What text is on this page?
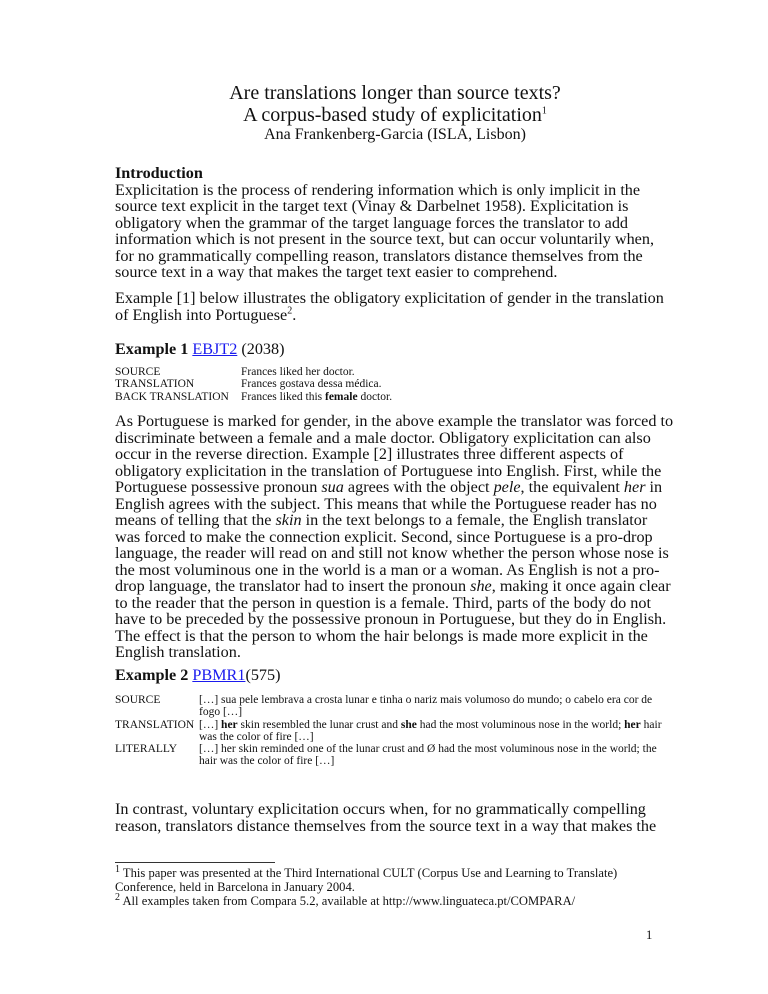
Are translations longer than source texts?

A corpus-based study of explicitation$^1$

Ana Frankenberg-Garcia (ISLA, Lisbon)

Introduction

Explicitation is the process of rendering information which is only implicit in the source text explicit in the target text (Vinay & Darbelnet 1958). Explicitation is obligatory when the grammar of the target language forces the translator to add information which is not present in the source text, but can occur voluntarily when, for no grammatically compelling reason, translators distance themselves from the source text in a way that makes the target text easier to comprehend.

Example [1] below illustrates the obligatory explicitation of gender in the translation of English into Portuguese$^2$.

Example 1 EBJT2 (2038)

SOURCE	Frances liked her doctor.
TRANSLATION	Frances gostava dessa médica.
BACK TRANSLATION	Frances liked this female doctor.

As Portuguese is marked for gender, in the above example the translator was forced to discriminate between a female and a male doctor. Obligatory explicitation can also occur in the reverse direction. Example [2] illustrates three different aspects of obligatory explicitation in the translation of Portuguese into English. First, while the Portuguese possessive pronoun sua agrees with the object pele, the equivalent her in English agrees with the subject. This means that while the Portuguese reader has no means of telling that the skin in the text belongs to a female, the English translator was forced to make the connection explicit. Second, since Portuguese is a pro-drop language, the reader will read on and still not know whether the person whose nose is the most voluminous one in the world is a man or a woman. As English is not a pro-drop language, the translator had to insert the pronoun she, making it once again clear to the reader that the person in question is a female. Third, parts of the body do not have to be preceded by the possessive pronoun in Portuguese, but they do in English. The effect is that the person to whom the hair belongs is made more explicit in the English translation.

Example 2 PBMR1(575)

SOURCE	[…] sua pele lembrava a crosta lunar e tinha o nariz mais volumoso do mundo; o cabelo era cor de fogo […]
TRANSLATION	[…] her skin resembled the lunar crust and she had the most voluminous nose in the world; her hair was the color of fire […]
LITERALLY	[…] her skin reminded one of the lunar crust and Ø had the most voluminous nose in the world; the hair was the color of fire […]

In contrast, voluntary explicitation occurs when, for no grammatically compelling reason, translators distance themselves from the source text in a way that makes the

$^1$ This paper was presented at the Third International CULT (Corpus Use and Learning to Translate) Conference, held in Barcelona in January 2004.

$^2$ All examples taken from Compara 5.2, available at http://www.linguateca.pt/COMPARA/

1
